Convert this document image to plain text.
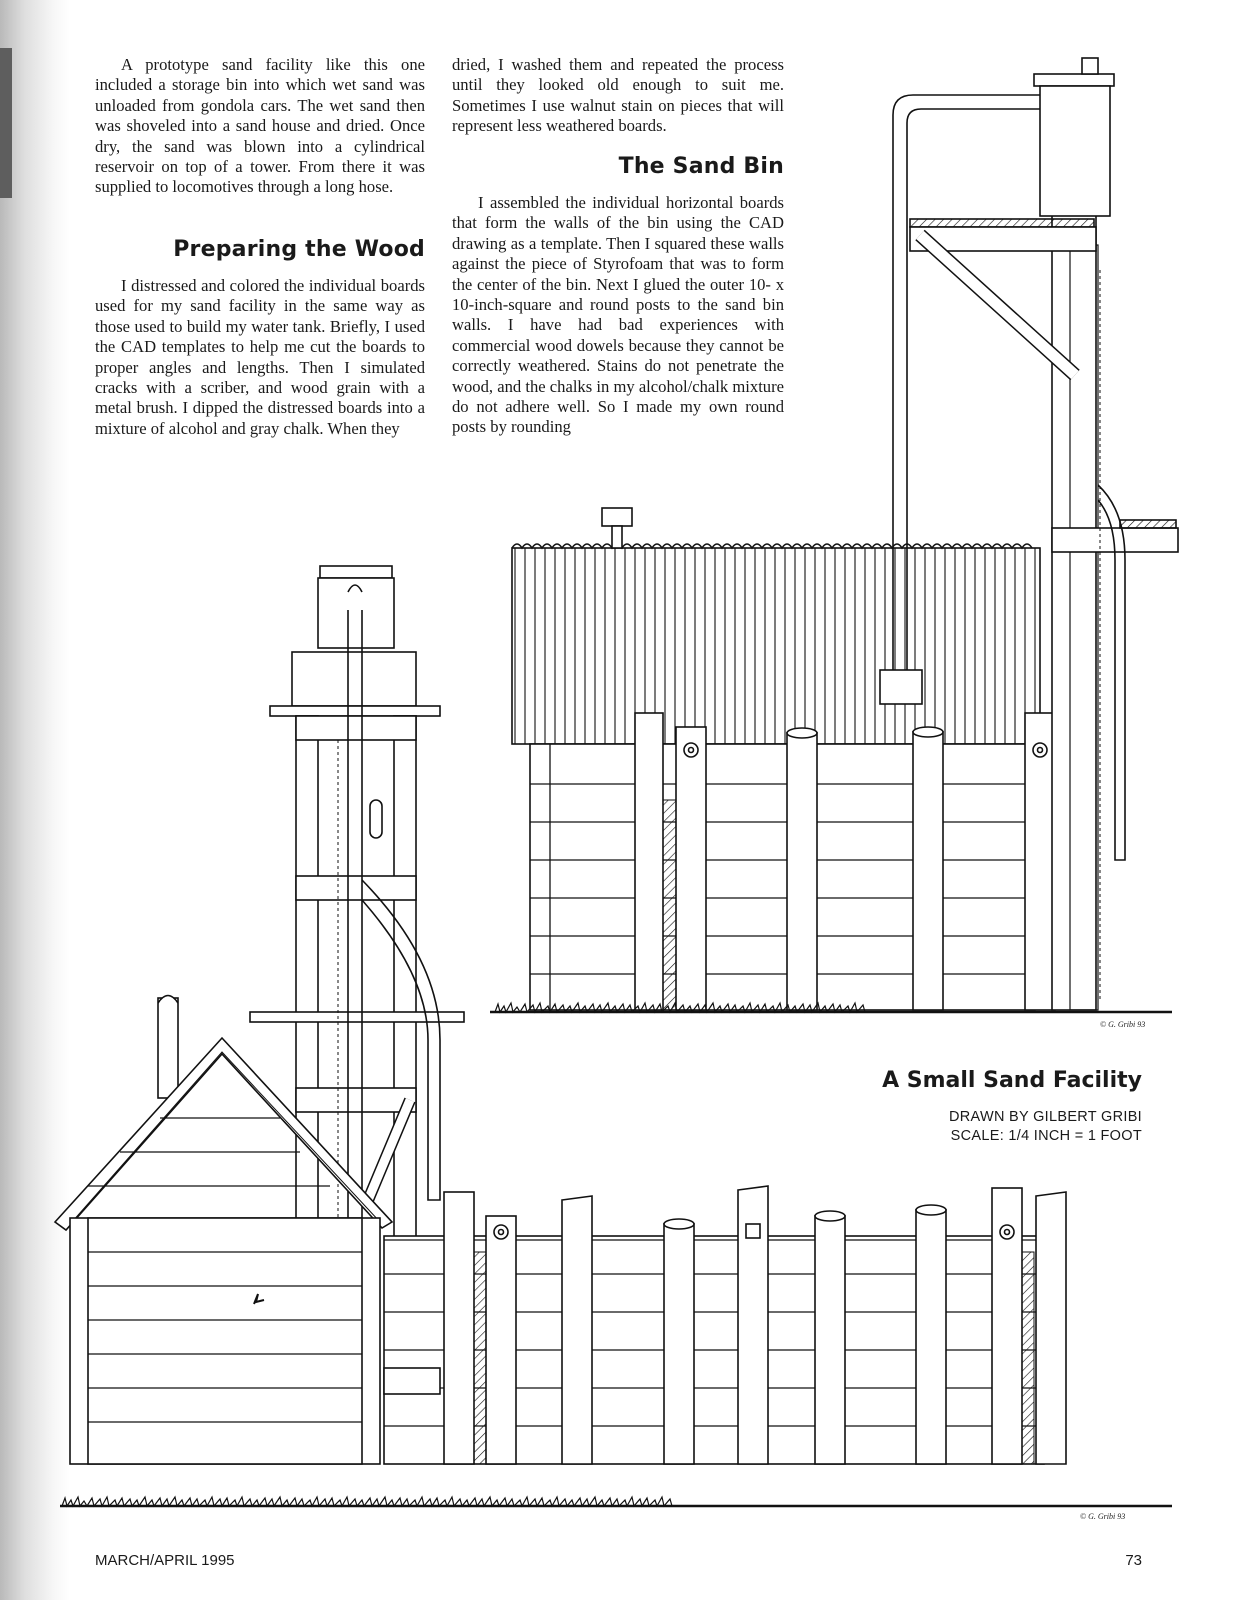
A prototype sand facility like this one included a storage bin into which wet sand was unloaded from gondola cars. The wet sand then was shoveled into a sand house and dried. Once dry, the sand was blown into a cylindrical reservoir on top of a tower. From there it was supplied to locomotives through a long hose.

Preparing the Wood

I distressed and colored the individual boards used for my sand facility in the same way as those used to build my water tank. Briefly, I used the CAD templates to help me cut the boards to proper angles and lengths. Then I simulated cracks with a scriber, and wood grain with a metal brush. I dipped the distressed boards into a mixture of alcohol and gray chalk. When they

dried, I washed them and repeated the process until they looked old enough to suit me. Sometimes I use walnut stain on pieces that will represent less weathered boards.

The Sand Bin

I assembled the individual horizontal boards that form the walls of the bin using the CAD drawing as a template. Then I squared these walls against the piece of Styrofoam that was to form the center of the bin. Next I glued the outer 10- x 10-inch-square and round posts to the sand bin walls. I have had bad experiences with commercial wood dowels because they cannot be correctly weathered. Stains do not penetrate the wood, and the chalks in my alcohol/chalk mixture do not adhere well. So I made my own round posts by rounding

A Small Sand Facility

DRAWN BY GILBERT GRIBI

SCALE: 1/4 INCH = 1 FOOT

© G. Gribi 93

© G. Gribi 93

MARCH/APRIL 1995	73
